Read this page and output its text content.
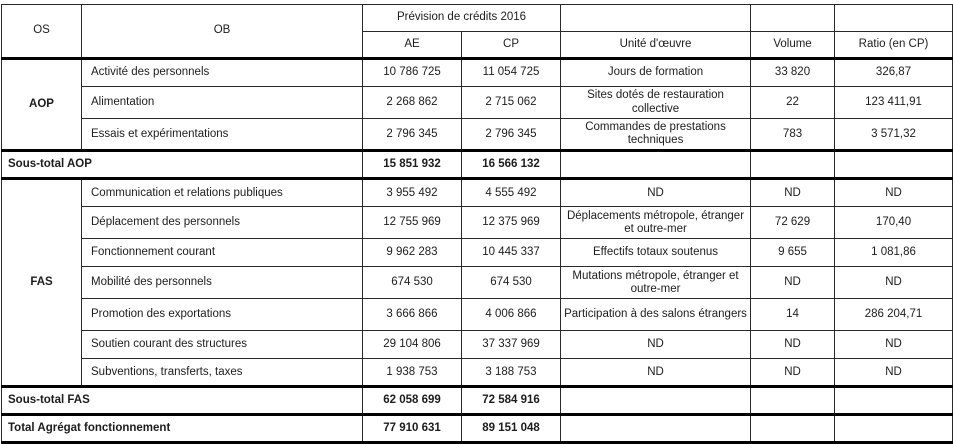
OS	OB	Prévision de crédits 2016				
		AE	CP	Unité d'œuvre	Volume	Ratio (en CP)
AOP	Activité des personnels	10 786 725	11 054 725	Jours de formation	33 820	326,87
	Alimentation	2 268 862	2 715 062	Sites dotés de restauration collective	22	123 411,91
	Essais et expérimentations	2 796 345	2 796 345	Commandes de prestations techniques	783	3 571,32
Sous-total AOP		15 851 932	16 566 132			
FAS	Communication et relations publiques	3 955 492	4 555 492	ND	ND	ND
	Déplacement des personnels	12 755 969	12 375 969	Déplacements métropole, étranger et outre-mer	72 629	170,40
	Fonctionnement courant	9 962 283	10 445 337	Effectifs totaux soutenus	9 655	1 081,86
	Mobilité des personnels	674 530	674 530	Mutations métropole, étranger et outre-mer	ND	ND
	Promotion des exportations	3 666 866	4 006 866	Participation à des salons étrangers	14	286 204,71
	Soutien courant des structures	29 104 806	37 337 969	ND	ND	ND
	Subventions, transferts, taxes	1 938 753	3 188 753	ND	ND	ND
Sous-total FAS		62 058 699	72 584 916			
Total Agrégat fonctionnement		77 910 631	89 151 048			
